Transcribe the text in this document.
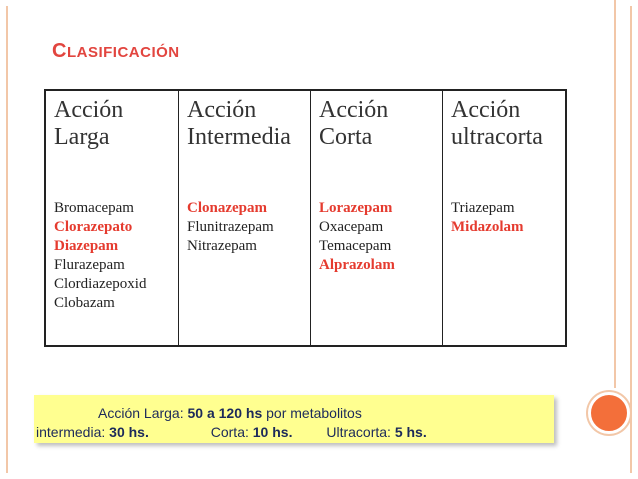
CLASIFICACIÓN
Acción
Larga
Bromacepam
Clorazepato
Diazepam
Flurazepam
Clordiazepoxid
Clobazam

Acción
Intermedia
Clonazepam
Flunitrazepam
Nitrazepam

Acción
Corta
Lorazepam
Oxacepam
Temacepam
Alprazolam

Acción
ultracorta
Triazepam
Midazolam
Acción Larga: 50 a 120 hs por metabolitos
intermedia: 30 hs.	Corta: 10 hs. Ultracorta: 5 hs.
